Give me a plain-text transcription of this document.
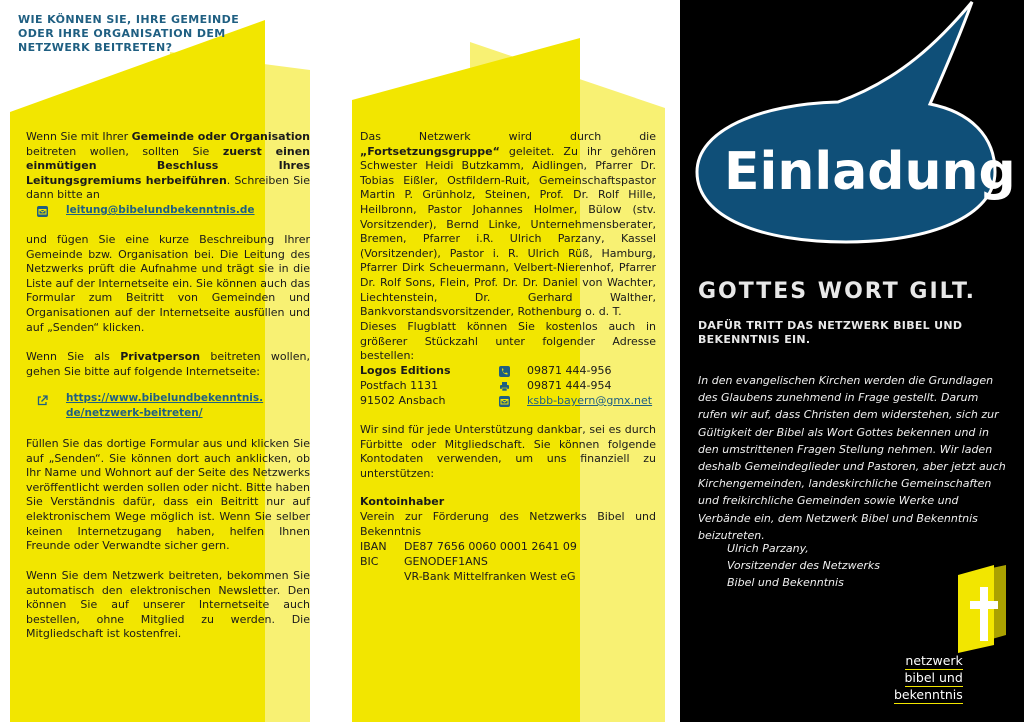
WIE KÖNNEN SIE, IHRE GEMEINDE ODER IHRE ORGANISATION DEM NETZWERK BEITRETEN?
Wenn Sie mit Ihrer Gemeinde oder Organisation beitreten wollen, sollten Sie zuerst einen einmütigen Beschluss Ihres Leitungsgremiums herbeiführen. Schreiben Sie dann bitte an
leitung@bibelundbekenntnis.de
und fügen Sie eine kurze Beschreibung Ihrer Gemeinde bzw. Organisation bei. Die Leitung des Netzwerks prüft die Aufnahme und trägt sie in die Liste auf der Internetseite ein. Sie können auch das Formular zum Beitritt von Gemeinden und Organisationen auf der Internetseite ausfüllen und auf „Senden“ klicken.
Wenn Sie als Privatperson beitreten wollen, gehen Sie bitte auf folgende Internetseite:
https://www.bibelundbekenntnis.de/netzwerk-beitreten/
Füllen Sie das dortige Formular aus und klicken Sie auf „Senden“. Sie können dort auch anklicken, ob Ihr Name und Wohnort auf der Seite des Netzwerks veröffentlicht werden sollen oder nicht. Bitte haben Sie Verständnis dafür, dass ein Beitritt nur auf elektronischem Wege möglich ist. Wenn Sie selber keinen Internetzugang haben, helfen Ihnen Freunde oder Verwandte sicher gern.
Wenn Sie dem Netzwerk beitreten, bekommen Sie automatisch den elektronischen Newsletter. Den können Sie auf unserer Internetseite auch bestellen, ohne Mitglied zu werden. Die Mitgliedschaft ist kostenfrei.
Das Netzwerk wird durch die „Fortsetzungsgruppe“ geleitet. Zu ihr gehören Schwester Heidi Butzkamm, Aidlingen, Pfarrer Dr. Tobias Eißler, Ostfildern-Ruit, Gemeinschaftspastor Martin P. Grünholz, Steinen, Prof. Dr. Rolf Hille, Heilbronn, Pastor Johannes Holmer, Bülow (stv. Vorsitzender), Bernd Linke, Unternehmensberater, Bremen, Pfarrer i.R. Ulrich Parzany, Kassel (Vorsitzender), Pastor i. R. Ulrich Rüß, Hamburg, Pfarrer Dirk Scheuermann, Velbert-Nierenhof, Pfarrer Dr. Rolf Sons, Flein, Prof. Dr. Dr. Daniel von Wachter, Liechtenstein, Dr. Gerhard Walther, Bankvorstandsvorsitzender, Rothenburg o. d. T.
Dieses Flugblatt können Sie kostenlos auch in größerer Stückzahl unter folgender Adresse bestellen:
Logos Editions
Postfach 1131
91502 Ansbach
09871 444-956
09871 444-954
ksbb-bayern@gmx.net
Wir sind für jede Unterstützung dankbar, sei es durch Fürbitte oder Mitgliedschaft. Sie können folgende Kontodaten verwenden, um uns finanziell zu unterstützen:
Kontoinhaber
Verein zur Förderung des Netzwerks Bibel und Bekenntnis
IBAN DE87 7656 0060 0001 2641 09
BIC GENODEF1ANS
VR-Bank Mittelfranken West eG
Einladung
GOTTES WORT GILT.
DAFÜR TRITT DAS NETZWERK BIBEL UND BEKENNTNIS EIN.
In den evangelischen Kirchen werden die Grundlagen des Glaubens zunehmend in Frage gestellt. Darum rufen wir auf, dass Christen dem widerstehen, sich zur Gültigkeit der Bibel als Wort Gottes bekennen und in den umstrittenen Fragen Stellung nehmen. Wir laden deshalb Gemeindeglieder und Pastoren, aber jetzt auch Kirchengemeinden, landeskirchliche Gemeinschaften und freikirchliche Gemeinden sowie Werke und Verbände ein, dem Netzwerk Bibel und Bekenntnis beizutreten.
Ulrich Parzany,
Vorsitzender des Netzwerks
Bibel und Bekenntnis
netzwerk
bibel und
bekenntnis
